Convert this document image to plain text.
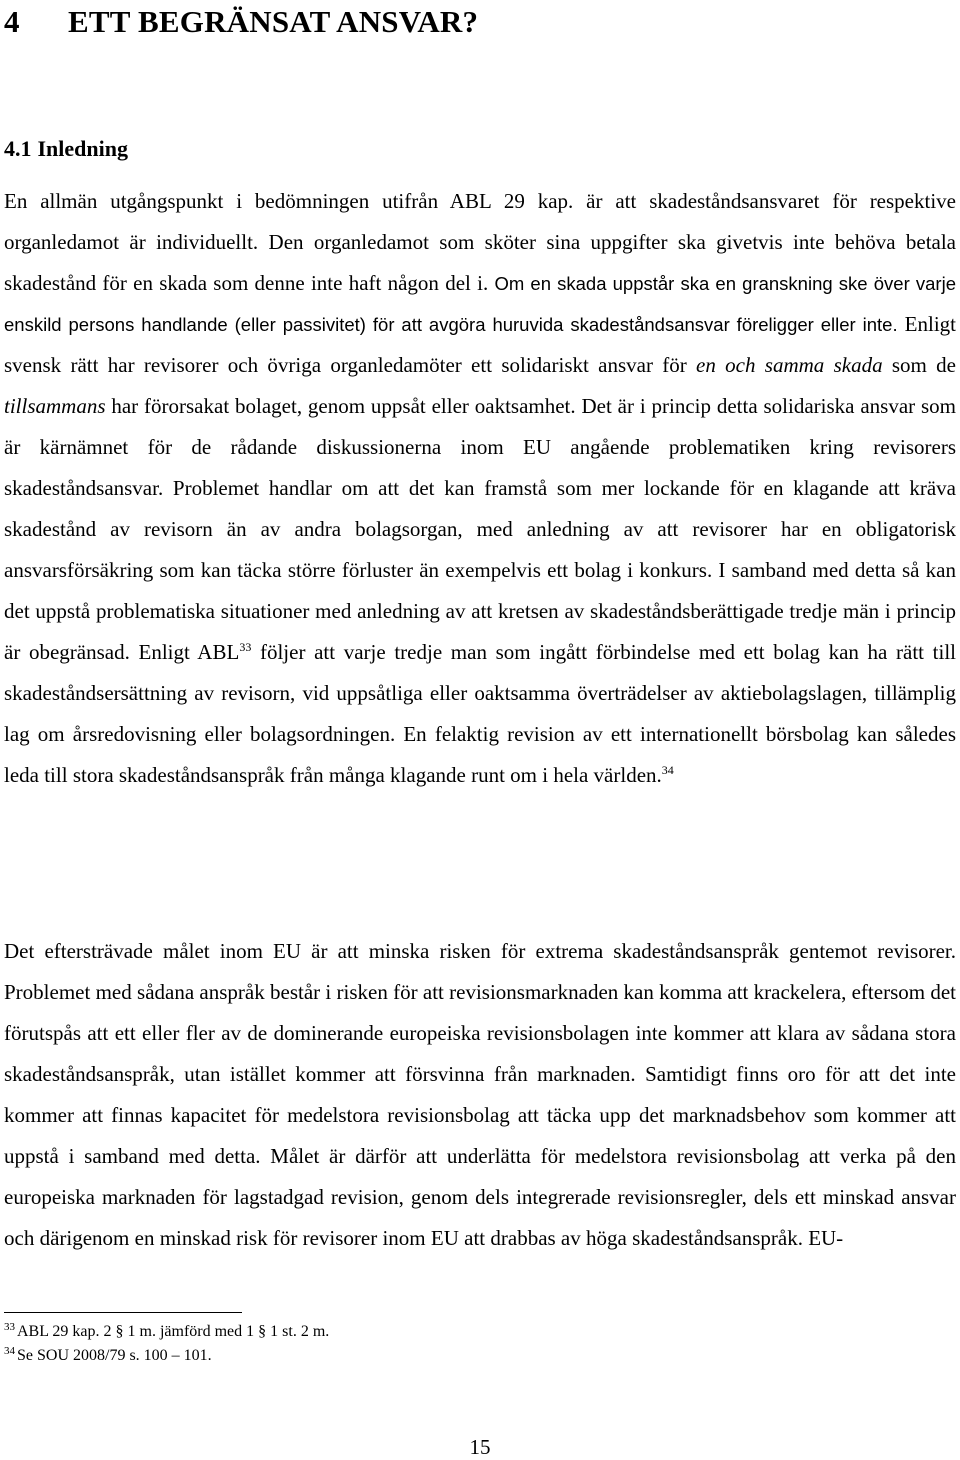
4 ETT BEGRÄNSAT ANSVAR?
4.1 Inledning

En allmän utgångspunkt i bedömningen utifrån ABL 29 kap. är att skadeståndsansvaret för respektive organledamot är individuellt. Den organledamot som sköter sina uppgifter ska givetvis inte behöva betala skadestånd för en skada som denne inte haft någon del i. Om en skada uppstår ska en granskning ske över varje enskild persons handlande (eller passivitet) för att avgöra huruvida skadeståndsansvar föreligger eller inte. Enligt svensk rätt har revisorer och övriga organledamöter ett solidariskt ansvar för en och samma skada som de tillsammans har förorsakat bolaget, genom uppsåt eller oaktsamhet. Det är i princip detta solidariska ansvar som är kärnämnet för de rådande diskussionerna inom EU angående problematiken kring revisorers skadeståndsansvar. Problemet handlar om att det kan framstå som mer lockande för en klagande att kräva skadestånd av revisorn än av andra bolagsorgan, med anledning av att revisorer har en obligatorisk ansvarsförsäkring som kan täcka större förluster än exempelvis ett bolag i konkurs. I samband med detta så kan det uppstå problematiska situationer med anledning av att kretsen av skadeståndsberättigade tredje män i princip är obegränsad. Enligt ABL$^{33}$ följer att varje tredje man som ingått förbindelse med ett bolag kan ha rätt till skadeståndsersättning av revisorn, vid uppsåtliga eller oaktsamma överträdelser av aktiebolagslagen, tillämplig lag om årsredovisning eller bolagsordningen. En felaktig revision av ett internationellt börsbolag kan således leda till stora skadeståndsanspråk från många klagande runt om i hela världen.$^{34}$

Det eftersträvade målet inom EU är att minska risken för extrema skadeståndsanspråk gentemot revisorer. Problemet med sådana anspråk består i risken för att revisionsmarknaden kan komma att krackelera, eftersom det förutspås att ett eller fler av de dominerande europeiska revisionsbolagen inte kommer att klara av sådana stora skadeståndsanspråk, utan istället kommer att försvinna från marknaden. Samtidigt finns oro för att det inte kommer att finnas kapacitet för medelstora revisionsbolag att täcka upp det marknadsbehov som kommer att uppstå i samband med detta. Målet är därför att underlätta för medelstora revisionsbolag att verka på den europeiska marknaden för lagstadgad revision, genom dels integrerade revisionsregler, dels ett minskad ansvar och därigenom en minskad risk för revisorer inom EU att drabbas av höga skadeståndsanspråk. EU-

$^{33}$ ABL 29 kap. 2 § 1 m. jämförd med 1 § 1 st. 2 m.
$^{34}$ Se SOU 2008/79 s. 100 – 101.
15
